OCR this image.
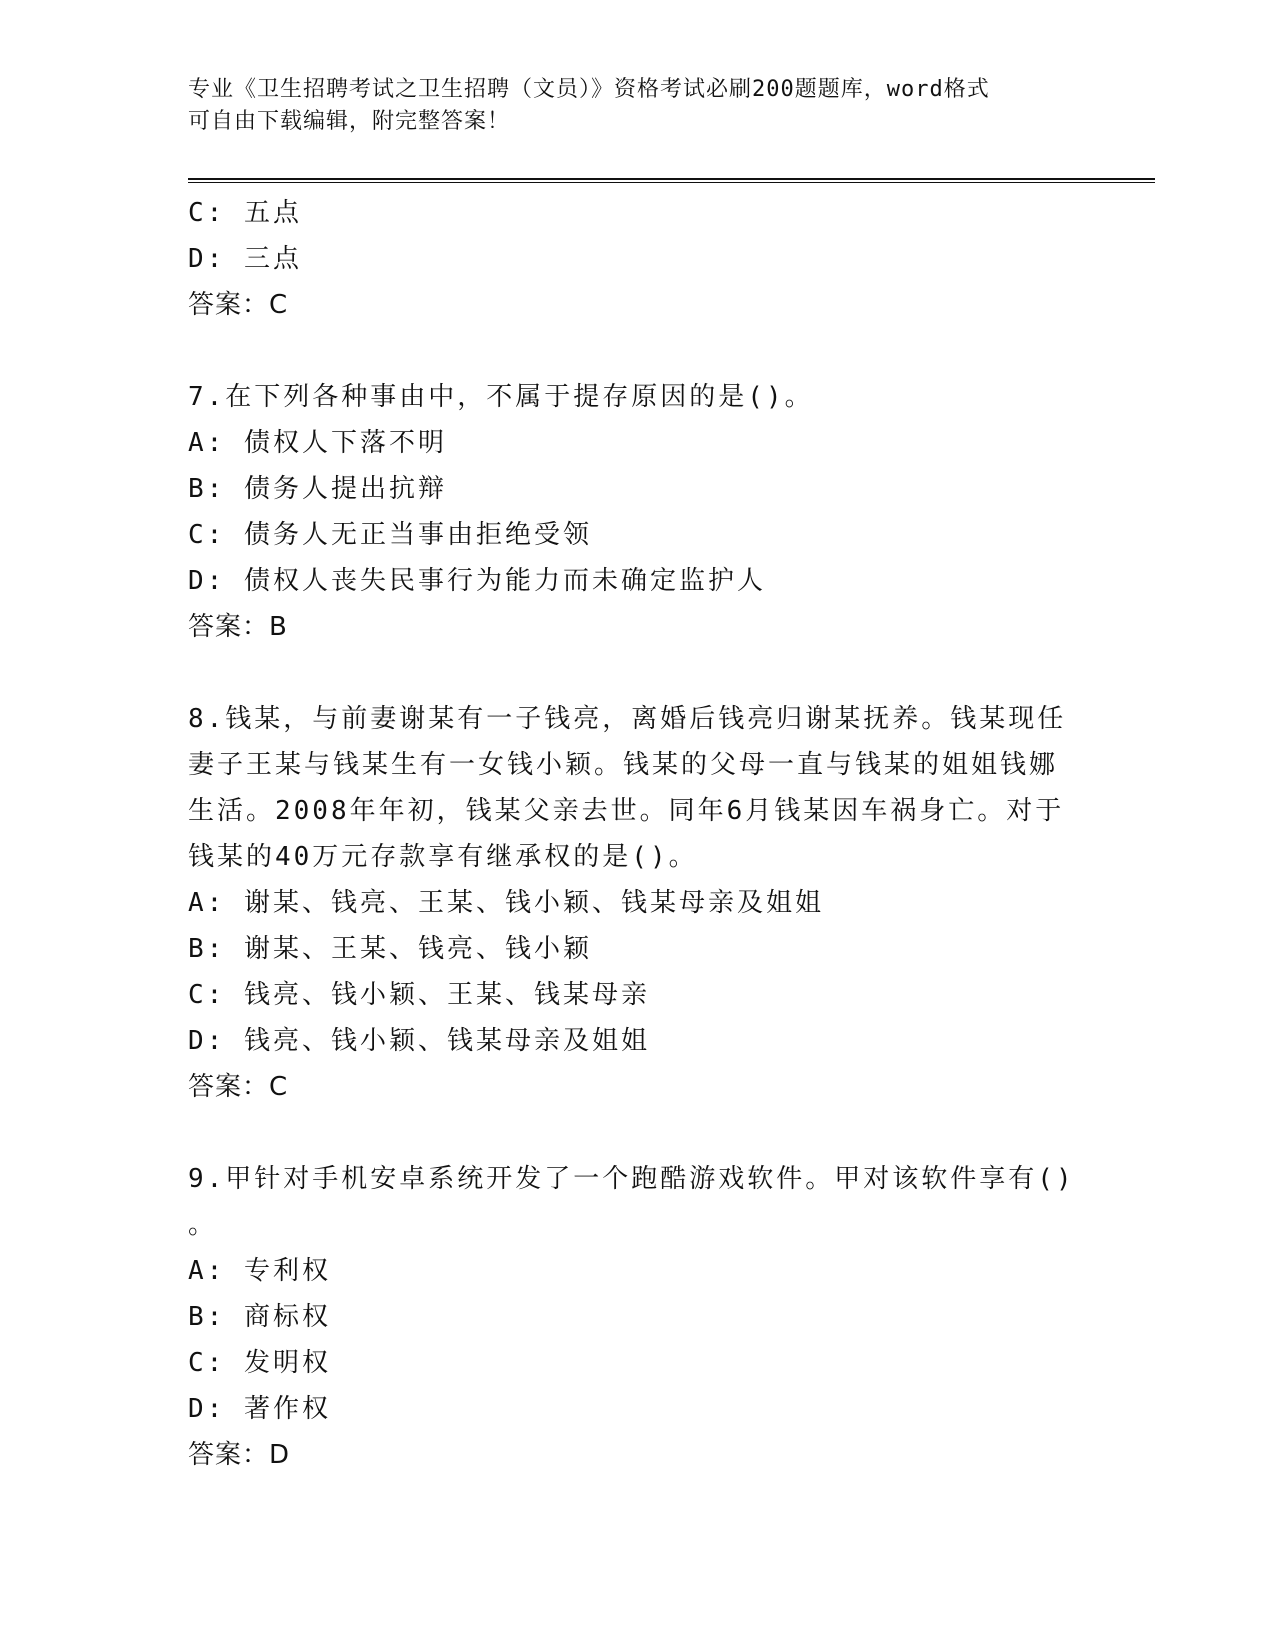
专业《卫生招聘考试之卫生招聘（文员）》资格考试必刷200题题库，word格式
可自由下载编辑，附完整答案！
C: 五点
D: 三点
答案：C
7.在下列各种事由中，不属于提存原因的是()。
A: 债权人下落不明
B: 债务人提出抗辩
C: 债务人无正当事由拒绝受领
D: 债权人丧失民事行为能力而未确定监护人
答案：B
8.钱某，与前妻谢某有一子钱亮，离婚后钱亮归谢某抚养。钱某现任
妻子王某与钱某生有一女钱小颖。钱某的父母一直与钱某的姐姐钱娜
生活。2008年年初，钱某父亲去世。同年6月钱某因车祸身亡。对于
钱某的40万元存款享有继承权的是()。
A: 谢某、钱亮、王某、钱小颖、钱某母亲及姐姐
B: 谢某、王某、钱亮、钱小颖
C: 钱亮、钱小颖、王某、钱某母亲
D: 钱亮、钱小颖、钱某母亲及姐姐
答案：C
9.甲针对手机安卓系统开发了一个跑酷游戏软件。甲对该软件享有()
。
A: 专利权
B: 商标权
C: 发明权
D: 著作权
答案：D
